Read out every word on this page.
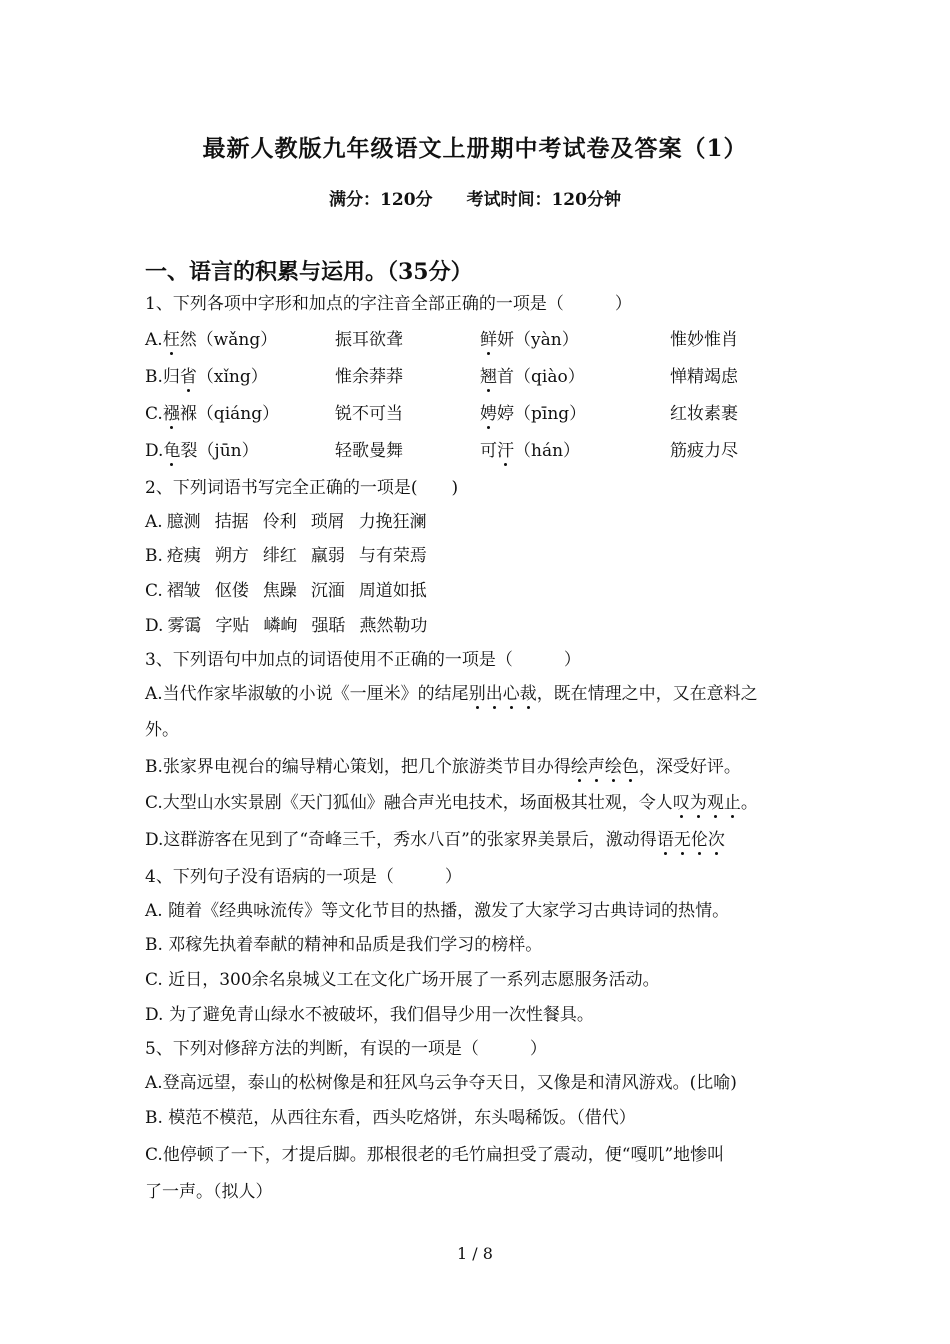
最新人教版九年级语文上册期中考试卷及答案（1）
满分：120分 考试时间：120分钟
一、语言的积累与运用。（35分）
1、下列各项中字形和加点的字注音全部正确的一项是（　　　）
A.枉然（wǎng）	振耳欲聋	鲜妍（yàn）	惟妙惟肖
B.归省（xǐng）	惟余莽莽	翘首（qiào）	惮精竭虑
C.襁褓（qiáng）	锐不可当	娉婷（pīng）	红妆素裹
D.龟裂（jūn）	轻歌曼舞	可汗（hán）	筋疲力尽
2、下列词语书写完全正确的一项是(　　)
A. 臆测 拮据 伶利 琐屑 力挽狂澜
B. 疮痍 朔方 绯红 羸弱 与有荣焉
C. 褶皱 伛偻 焦躁 沉湎 周道如抵
D. 雾霭 字贴 嶙峋 强聒 燕然勒功
3、下列语句中加点的词语使用不正确的一项是（　　　）
A.当代作家毕淑敏的小说《一厘米》的结尾别出心裁，既在情理之中，又在意料之
外。
B.张家界电视台的编导精心策划，把几个旅游类节目办得绘声绘色，深受好评。
C.大型山水实景剧《天门狐仙》融合声光电技术，场面极其壮观，令人叹为观止。
D.这群游客在见到了“奇峰三千，秀水八百”的张家界美景后，激动得语无伦次
4、下列句子没有语病的一项是（　　　）
A. 随着《经典咏流传》等文化节目的热播，激发了大家学习古典诗词的热情。
B. 邓稼先执着奉献的精神和品质是我们学习的榜样。
C. 近日，300余名泉城义工在文化广场开展了一系列志愿服务活动。
D. 为了避免青山绿水不被破坏，我们倡导少用一次性餐具。
5、下列对修辞方法的判断，有误的一项是（　　　）
A.登高远望，泰山的松树像是和狂风乌云争夺天日，又像是和清风游戏。(比喻)
B. 模范不模范，从西往东看，西头吃烙饼，东头喝稀饭。（借代）
C.他停顿了一下，才提后脚。那根很老的毛竹扁担受了震动，便“嘎叽”地惨叫
了一声。（拟人）
1 / 8
